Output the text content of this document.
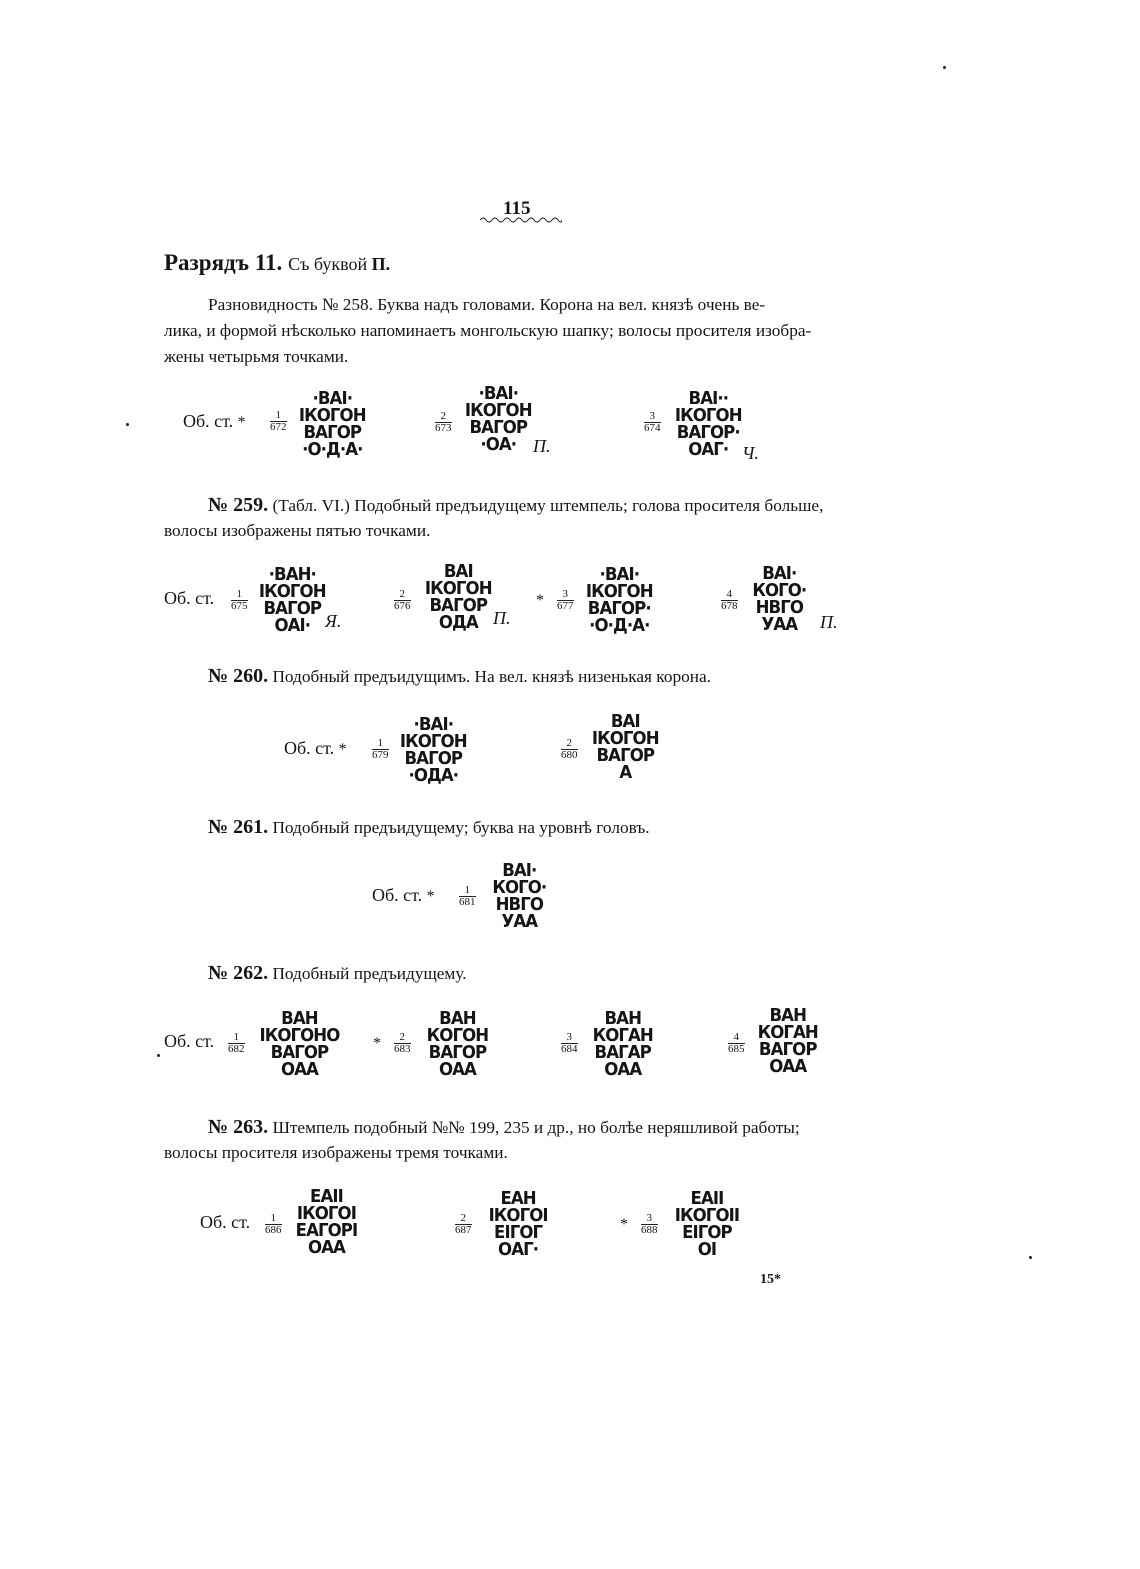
115
Разрядъ 11. Съ буквой П.
Разновидность № 258. Буква надъ головами. Корона на вел. князѣ очень ве-
лика, и формой нѣсколько напоминаетъ монгольскую шапку; волосы просителя изобра-
жены четырьмя точками.
Об. ст. * $\frac{1}{672}$
·ВАІ·
ІКОГОН
ВАГОР
·О·Д·А·
$\frac{2}{673}$
·ВАІ·
ІКОГОН
ВАГОР
·ОА· П.
$\frac{3}{674}$
ВАІ··
ІКОГОН
ВАГОР·
ОАГ· Ч.
№ 259. (Табл. VI.) Подобный предъидущему штемпель; голова просителя больше,
волосы изображены пятью точками.
Об. ст. $\frac{1}{675}$
·ВАН·
ІКОГОН
ВАГОР
ОАІ· Я.
$\frac{2}{676}$
ВАІ
ІКОГОН
ВАГОР
ОДА П.
* $\frac{3}{677}$
·ВАІ·
ІКОГОН
ВАГОР·
·О·Д·А·
$\frac{4}{678}$
ВАІ·
КОГО·
НВГО
УАА	П.
№ 260. Подобный предъидущимъ. На вел. князѣ низенькая корона.
Об. ст. * $\frac{1}{679}$
·ВАІ·
ІКОГОН
ВАГОР
·ОДА·
$\frac{2}{680}$
ВАІ
ІКОГОН
ВАГОР
А
№ 261. Подобный предъидущему; буква на уровнѣ головъ.
Об. ст. * $\frac{1}{681}$
ВАІ·
КОГО·
НВГО
УАА
№ 262. Подобный предъидущему.
Об. ст. $\frac{1}{682}$
ВАН
ІКОГОНО
ВАГОР
ОАА
* $\frac{2}{683}$
ВАН
КОГОН
ВАГОР
ОАА
$\frac{3}{684}$
ВАН
КОГАН
ВАГАР
ОАА
$\frac{4}{685}$
ВАН
КОГАН
ВАГОР
ОАА
№ 263. Штемпель подобный №№ 199, 235 и др., но болѣе неряшливой работы;
волосы просителя изображены тремя точками.
Об. ст. $\frac{1}{686}$
ЕАІІ
ІКОГОІ
ЕАГОРІ
ОАА
$\frac{2}{687}$
ЕАН
ІКОГОІ
ЕІГОГ
ОАГ·
* $\frac{3}{688}$
ЕАІІ
ІКОГОІІ
ЕІГОР
ОІ
15*
